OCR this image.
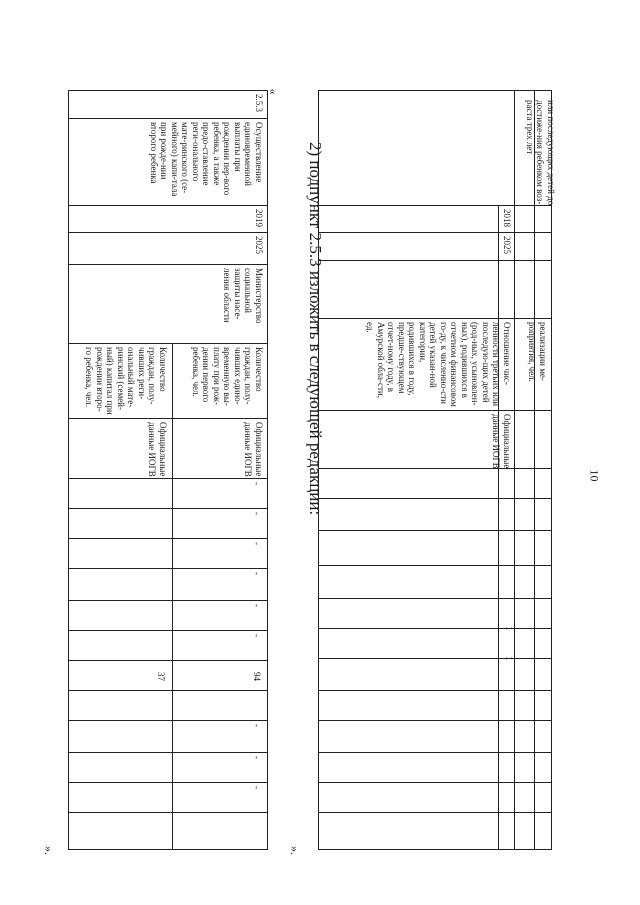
10
2) подпункт 2.5.3 изложить в следующей редакции:
«
».
».
или последующих детей до достиже-ния ребенком воз-раста трех лет
2018
2025
реализации ме-роприятия, чел.
Отношение чис-ленности третьих или последую-щих детей (род-ных, усыновлен-ных), родившихся в отчетном финансовом го-ду, к численно-сти детей указан-ной категории, родившихся в году, предше-ствующем отчет-ному году, в Амурской обла-сти, ед.
Официальные данные ИОГВ
1
1
2.5.3
Осуществление единовременной выплаты при рождении пер-вого ребенка, а также предо-ставление реги-онального мате-ринского (се-мейного) капи-тала при рожде-нии второго ребенка
2019
2025
Министерство социальной защиты насе-ления области
Количество граждан, полу-чивших едино-временную вы-плату при рож-дении первого ребенка, чел.
Официальные данные ИОГВ
Количество граждан, полу-чивших реги-ональный мате-ринский (семей-ный) капитал при рождении второ-го ребенка, чел.
Официальные данные ИОГВ
-
-
-
-
-
-
94
-
-
-
37
